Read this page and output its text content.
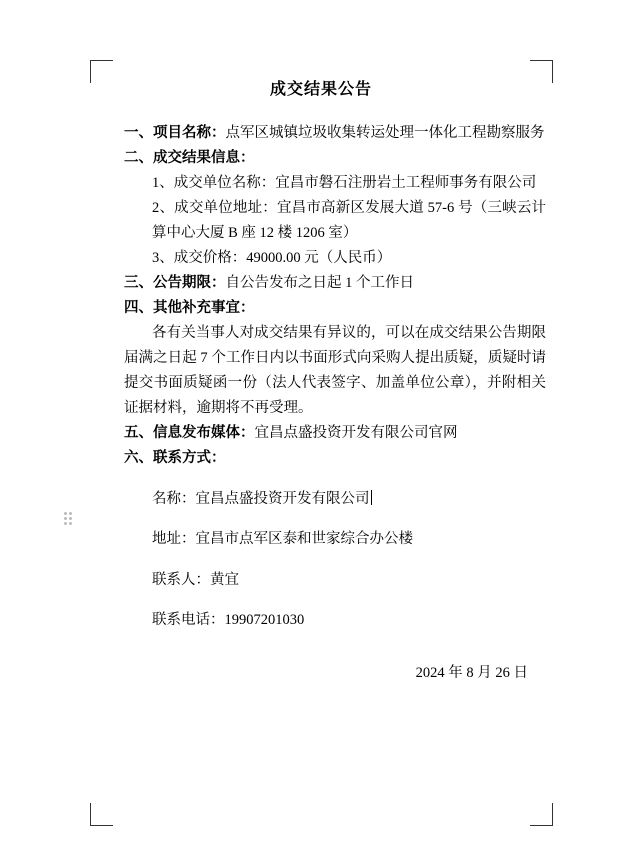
成交结果公告

一、项目名称：点军区城镇垃圾收集转运处理一体化工程勘察服务

二、成交结果信息：

1、成交单位名称：宜昌市磐石注册岩土工程师事务有限公司

2、成交单位地址：宜昌市高新区发展大道 57-6 号（三峡云计算中心大厦 B 座 12 楼 1206 室）

3、成交价格：49000.00 元（人民币）

三、公告期限：自公告发布之日起 1 个工作日

四、其他补充事宜：

各有关当事人对成交结果有异议的，可以在成交结果公告期限届满之日起 7 个工作日内以书面形式向采购人提出质疑，质疑时请提交书面质疑函一份（法人代表签字、加盖单位公章），并附相关证据材料，逾期将不再受理。

五、信息发布媒体：宜昌点盛投资开发有限公司官网

六、联系方式：

名称：宜昌点盛投资开发有限公司

地址：宜昌市点军区泰和世家综合办公楼

联系人：黄宜

联系电话：19907201030

2024 年 8 月 26 日
